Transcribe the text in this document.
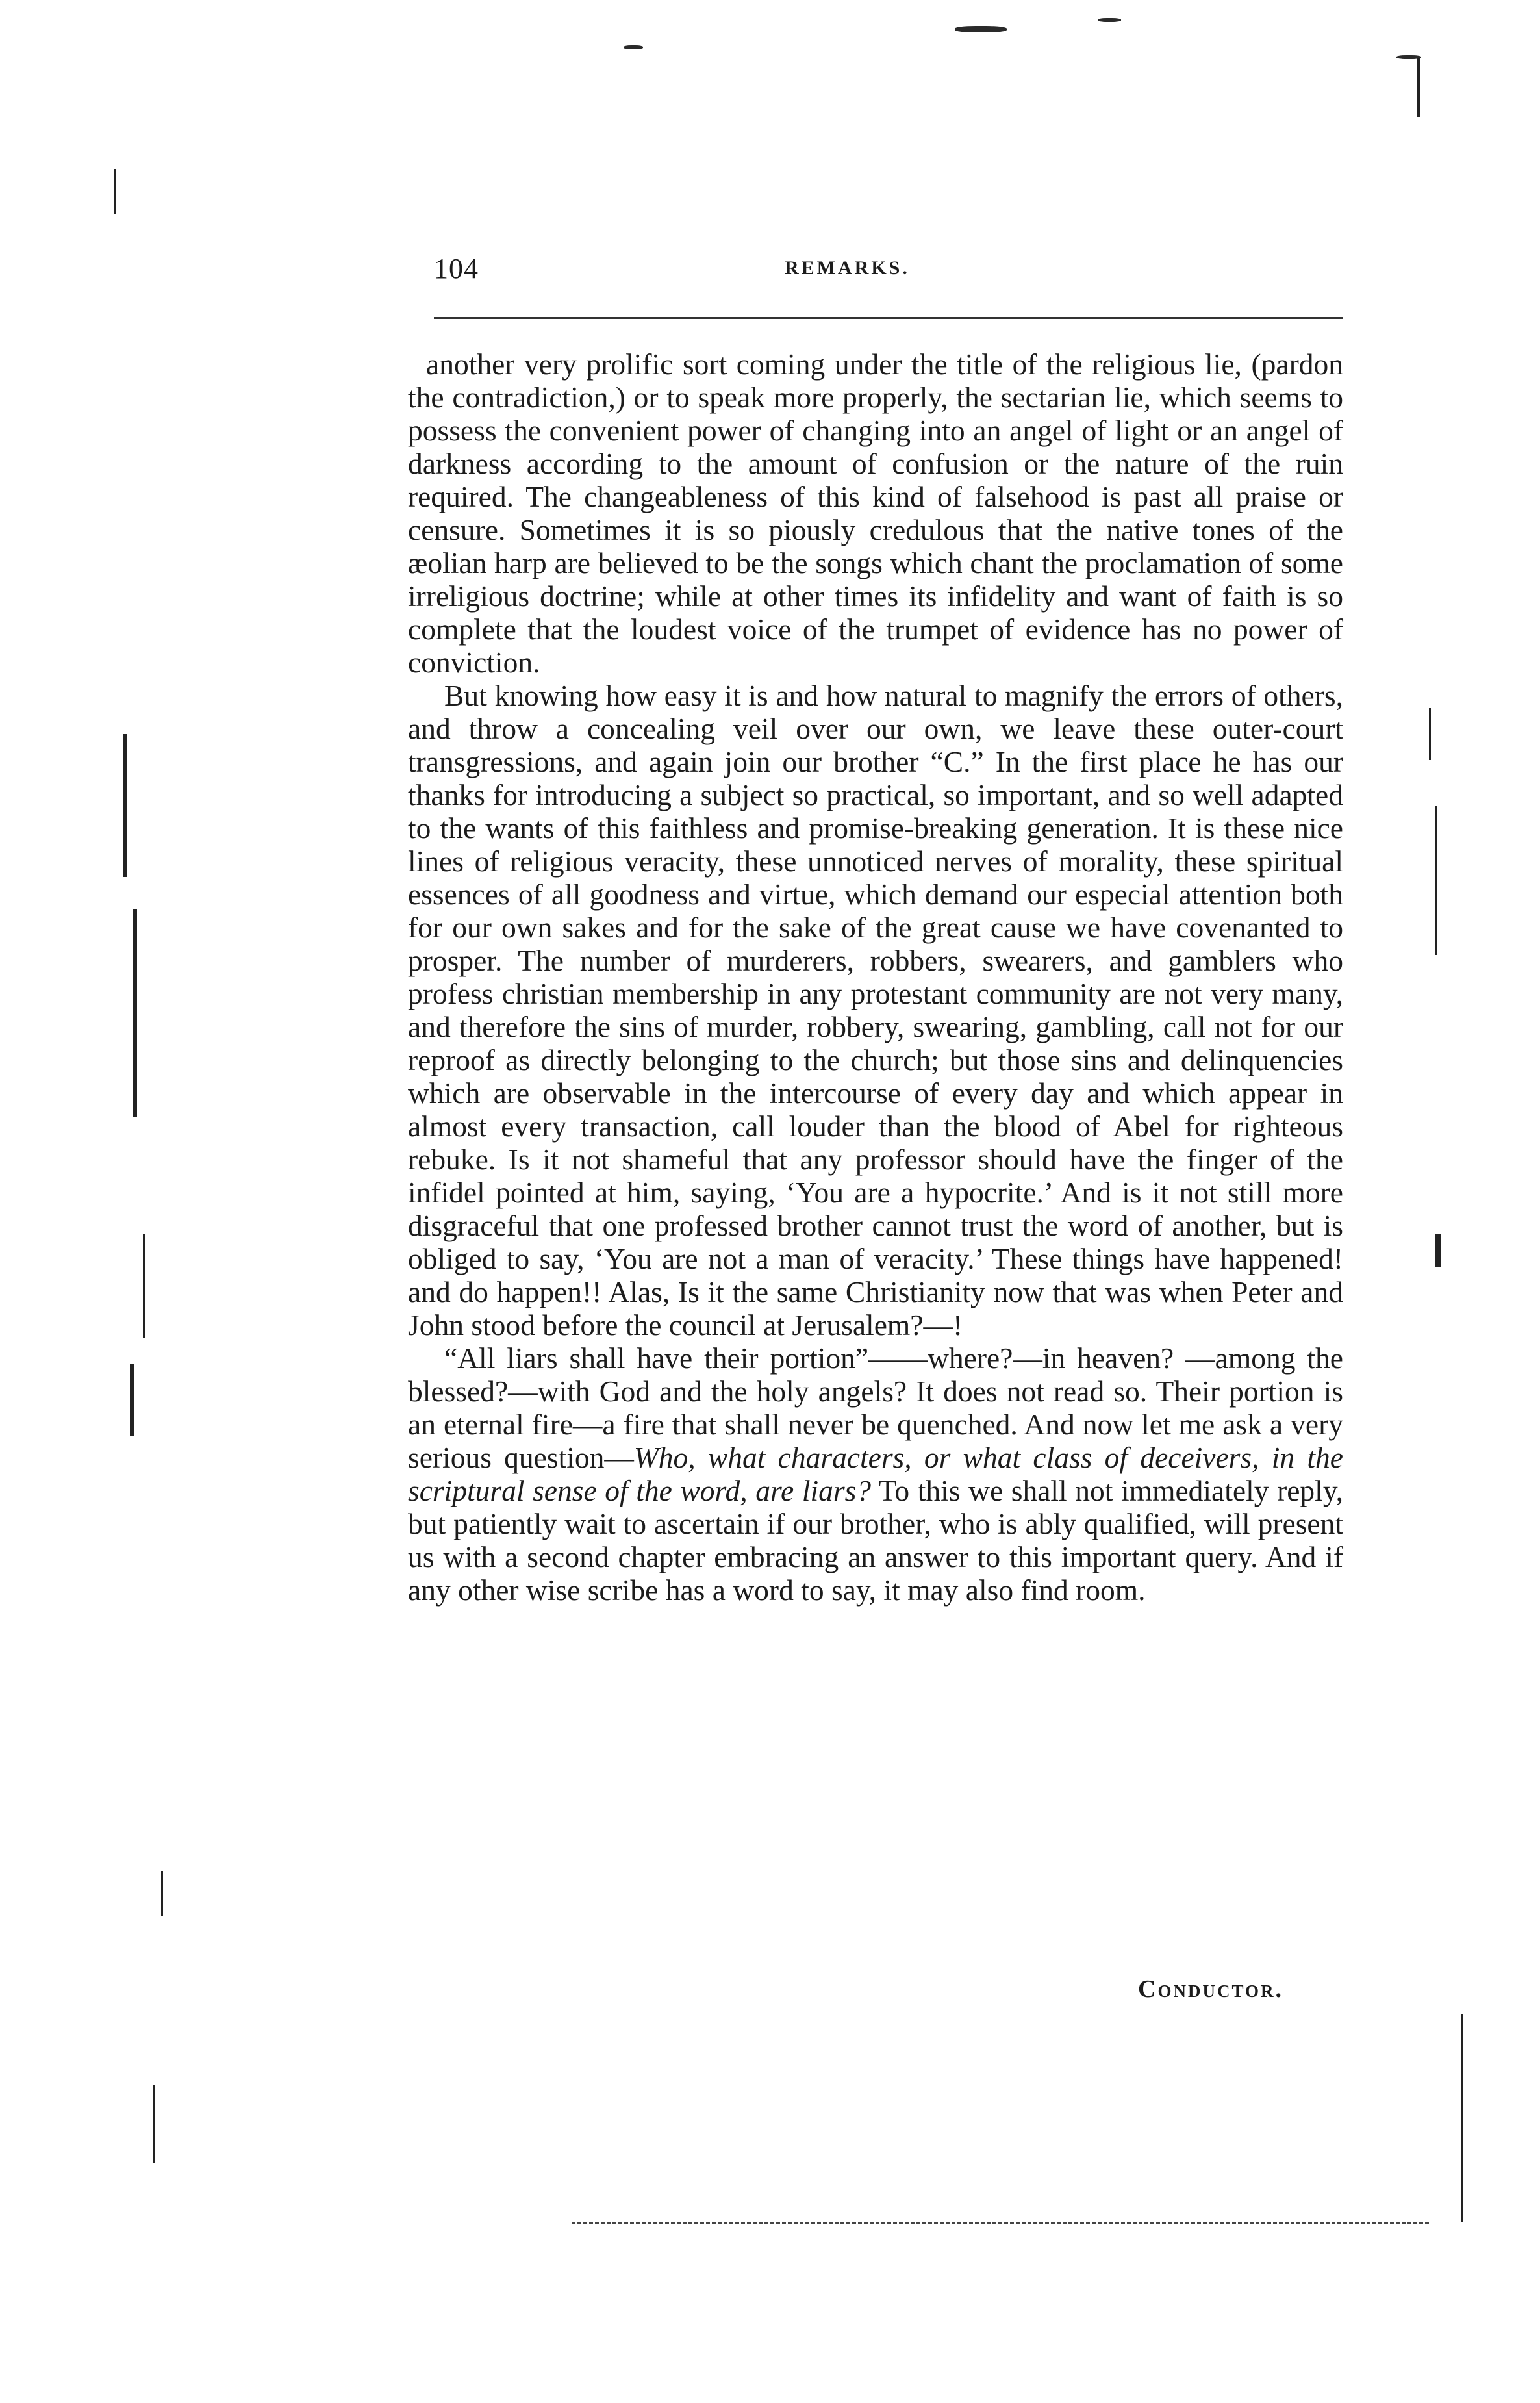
104	REMARKS.

another very prolific sort coming under the title of the religious lie, (pardon the contradiction,) or to speak more properly, the sectarian lie, which seems to possess the convenient power of changing into an angel of light or an angel of darkness according to the amount of confusion or the nature of the ruin required. The changeableness of this kind of falsehood is past all praise or censure. Sometimes it is so piously credulous that the native tones of the æolian harp are believed to be the songs which chant the proclamation of some irreligious doctrine; while at other times its infidelity and want of faith is so complete that the loudest voice of the trumpet of evidence has no power of conviction.

But knowing how easy it is and how natural to magnify the errors of others, and throw a concealing veil over our own, we leave these outer-court transgressions, and again join our brother “C.” In the first place he has our thanks for introducing a subject so practical, so important, and so well adapted to the wants of this faithless and promise-breaking generation. It is these nice lines of religious veracity, these unnoticed nerves of morality, these spiritual essences of all goodness and virtue, which demand our especial attention both for our own sakes and for the sake of the great cause we have covenanted to prosper. The number of murderers, robbers, swearers, and gamblers who profess christian membership in any protestant community are not very many, and therefore the sins of murder, robbery, swearing, gambling, call not for our reproof as directly belonging to the church; but those sins and delinquencies which are observable in the intercourse of every day and which appear in almost every transaction, call louder than the blood of Abel for righteous rebuke. Is it not shameful that any professor should have the finger of the infidel pointed at him, saying, ‘You are a hypocrite.’ And is it not still more disgraceful that one professed brother cannot trust the word of another, but is obliged to say, ‘You are not a man of veracity.’ These things have happened! and do happen!! Alas, Is it the same Christianity now that was when Peter and John stood before the council at Jerusalem?—!

“All liars shall have their portion”——where?—in heaven? —among the blessed?—with God and the holy angels? It does not read so. Their portion is an eternal fire—a fire that shall never be quenched. And now let me ask a very serious question—Who, what characters, or what class of deceivers, in the scriptural sense of the word, are liars? To this we shall not immediately reply, but patiently wait to ascertain if our brother, who is ably qualified, will present us with a second chapter embracing an answer to this important query. And if any other wise scribe has a word to say, it may also find room.

Conductor.
